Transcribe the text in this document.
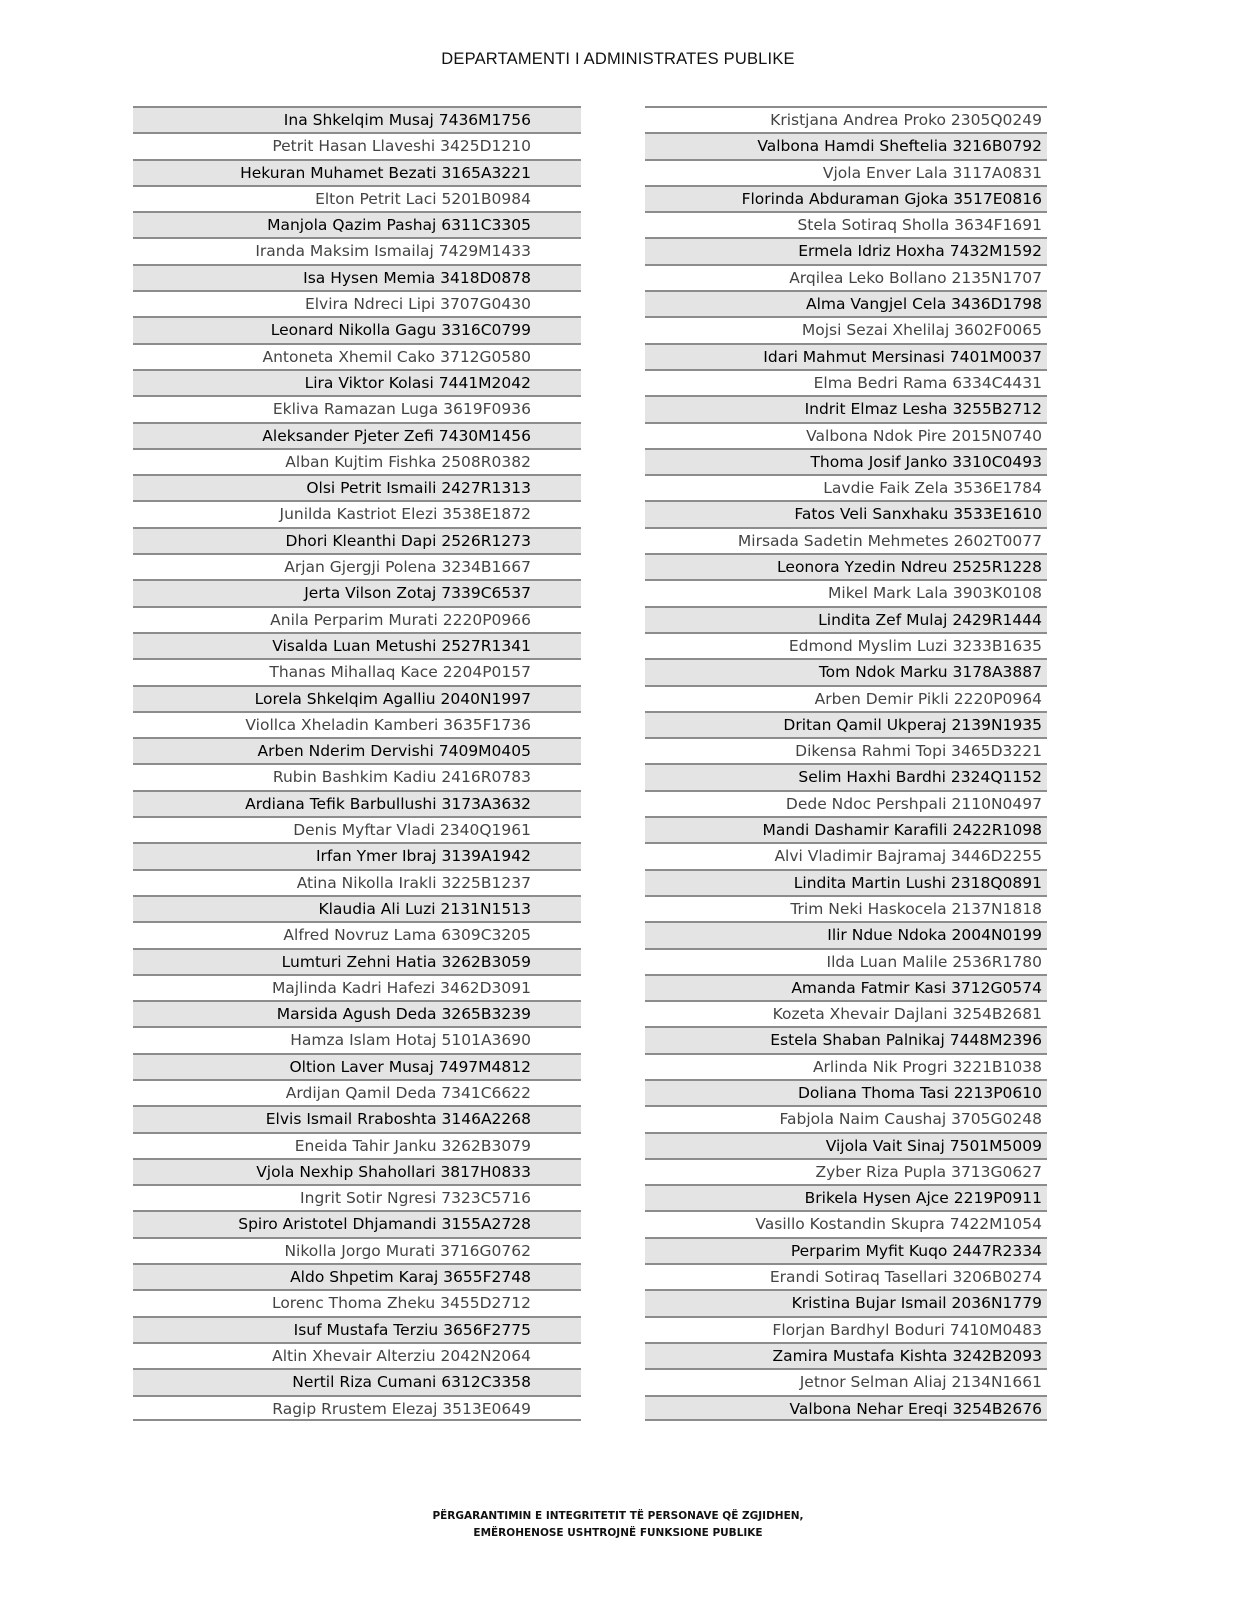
DEPARTAMENTI I ADMINISTRATES PUBLIKE
Ina Shkelqim Musaj 7436M1756
Petrit Hasan Llaveshi 3425D1210
Hekuran Muhamet Bezati 3165A3221
Elton Petrit Laci 5201B0984
Manjola Qazim Pashaj 6311C3305
Iranda Maksim Ismailaj 7429M1433
Isa Hysen Memia 3418D0878
Elvira Ndreci Lipi 3707G0430
Leonard Nikolla Gagu 3316C0799
Antoneta Xhemil Cako 3712G0580
Lira Viktor Kolasi 7441M2042
Ekliva Ramazan Luga 3619F0936
Aleksander Pjeter Zefi 7430M1456
Alban Kujtim Fishka 2508R0382
Olsi Petrit Ismaili 2427R1313
Junilda Kastriot Elezi 3538E1872
Dhori Kleanthi Dapi 2526R1273
Arjan Gjergji Polena 3234B1667
Jerta Vilson Zotaj 7339C6537
Anila Perparim Murati 2220P0966
Visalda Luan Metushi 2527R1341
Thanas Mihallaq Kace 2204P0157
Lorela Shkelqim Agalliu 2040N1997
Viollca Xheladin Kamberi 3635F1736
Arben Nderim Dervishi 7409M0405
Rubin Bashkim Kadiu 2416R0783
Ardiana Tefik Barbullushi 3173A3632
Denis Myftar Vladi 2340Q1961
Irfan Ymer Ibraj 3139A1942
Atina Nikolla Irakli 3225B1237
Klaudia Ali Luzi 2131N1513
Alfred Novruz Lama 6309C3205
Lumturi Zehni Hatia 3262B3059
Majlinda Kadri Hafezi 3462D3091
Marsida Agush Deda 3265B3239
Hamza Islam Hotaj 5101A3690
Oltion Laver Musaj 7497M4812
Ardijan Qamil Deda 7341C6622
Elvis Ismail Rraboshta 3146A2268
Eneida Tahir Janku 3262B3079
Vjola Nexhip Shahollari 3817H0833
Ingrit Sotir Ngresi 7323C5716
Spiro Aristotel Dhjamandi 3155A2728
Nikolla Jorgo Murati 3716G0762
Aldo Shpetim Karaj 3655F2748
Lorenc Thoma Zheku 3455D2712
Isuf Mustafa Terziu 3656F2775
Altin Xhevair Alterziu 2042N2064
Nertil Riza Cumani 6312C3358
Ragip Rrustem Elezaj 3513E0649
Kristjana Andrea Proko 2305Q0249
Valbona Hamdi Sheftelia 3216B0792
Vjola Enver Lala 3117A0831
Florinda Abduraman Gjoka 3517E0816
Stela Sotiraq Sholla 3634F1691
Ermela Idriz Hoxha 7432M1592
Arqilea Leko Bollano 2135N1707
Alma Vangjel Cela 3436D1798
Mojsi Sezai Xhelilaj 3602F0065
Idari Mahmut Mersinasi 7401M0037
Elma Bedri Rama 6334C4431
Indrit Elmaz Lesha 3255B2712
Valbona Ndok Pire 2015N0740
Thoma Josif Janko 3310C0493
Lavdie Faik Zela 3536E1784
Fatos Veli Sanxhaku 3533E1610
Mirsada Sadetin Mehmetes 2602T0077
Leonora Yzedin Ndreu 2525R1228
Mikel Mark Lala 3903K0108
Lindita Zef Mulaj 2429R1444
Edmond Myslim Luzi 3233B1635
Tom Ndok Marku 3178A3887
Arben Demir Pikli 2220P0964
Dritan Qamil Ukperaj 2139N1935
Dikensa Rahmi Topi 3465D3221
Selim Haxhi Bardhi 2324Q1152
Dede Ndoc Pershpali 2110N0497
Mandi Dashamir Karafili 2422R1098
Alvi Vladimir Bajramaj 3446D2255
Lindita Martin Lushi 2318Q0891
Trim Neki Haskocela 2137N1818
Ilir Ndue Ndoka 2004N0199
Ilda Luan Malile 2536R1780
Amanda Fatmir Kasi 3712G0574
Kozeta Xhevair Dajlani 3254B2681
Estela Shaban Palnikaj 7448M2396
Arlinda Nik Progri 3221B1038
Doliana Thoma Tasi 2213P0610
Fabjola Naim Caushaj 3705G0248
Vijola Vait Sinaj 7501M5009
Zyber Riza Pupla 3713G0627
Brikela Hysen Ajce 2219P0911
Vasillo Kostandin Skupra 7422M1054
Perparim Myfit Kuqo 2447R2334
Erandi Sotiraq Tasellari 3206B0274
Kristina Bujar Ismail 2036N1779
Florjan Bardhyl Boduri 7410M0483
Zamira Mustafa Kishta 3242B2093
Jetnor Selman Aliaj 2134N1661
Valbona Nehar Ereqi 3254B2676
PËRGARANTIMIN E INTEGRITETIT TË PERSONAVE QË ZGJIDHEN,
EMËROHENOSE USHTROJNË FUNKSIONE PUBLIKE
